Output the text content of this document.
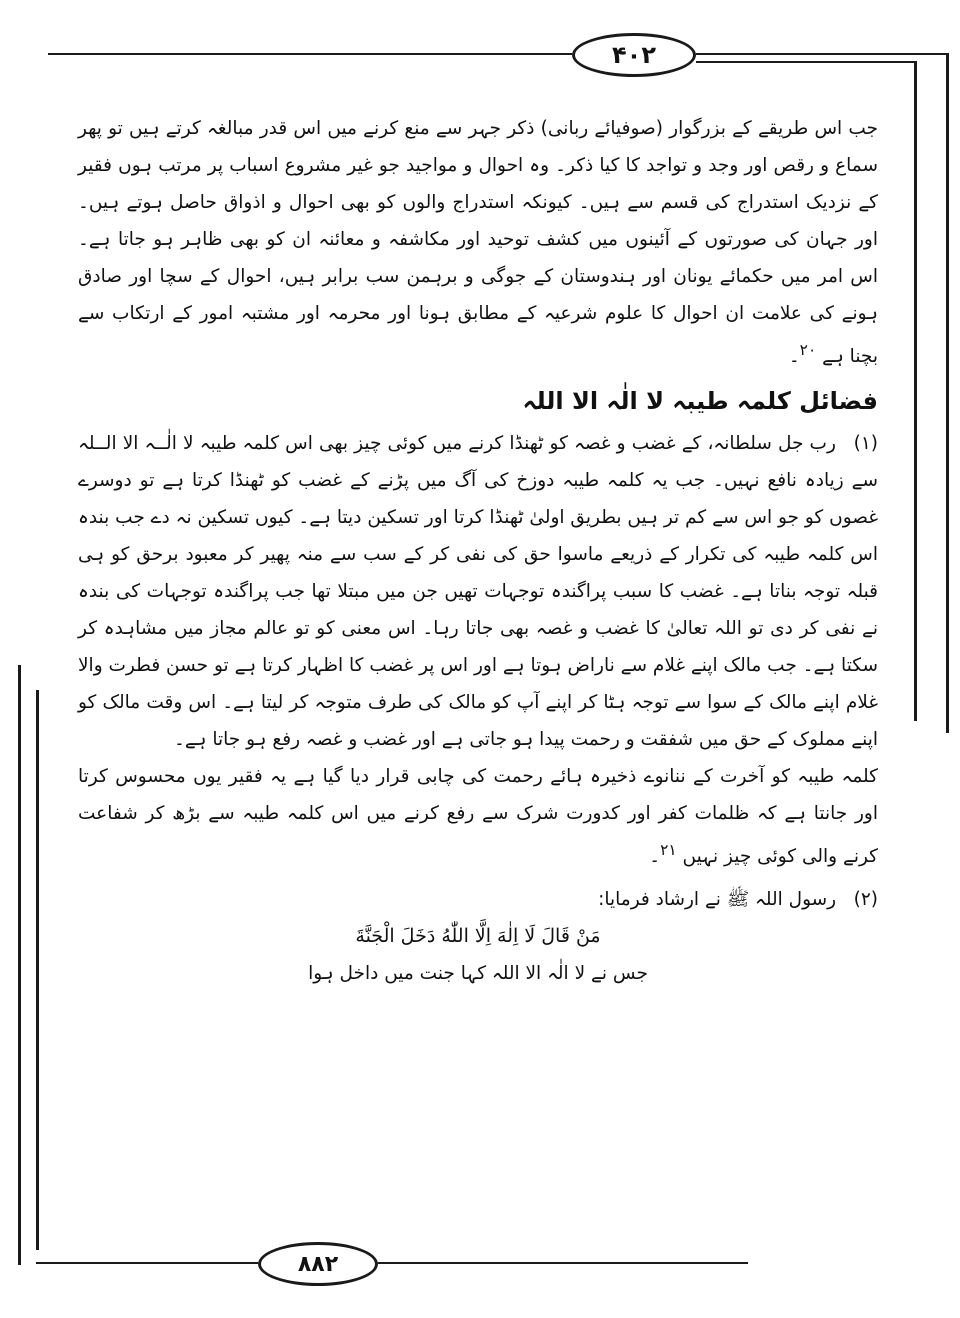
۴۰۲
۸۸۲

جب اس طریقے کے بزرگوار (صوفیائے ربانی) ذکر جہر سے منع کرنے میں اس قدر مبالغہ کرتے ہیں تو پھر سماع و رقص اور وجد و تواجد کا کیا ذکر۔ وہ احوال و مواجید جو غیر مشروع اسباب پر مرتب ہوں فقیر کے نزدیک استدراج کی قسم سے ہیں۔ کیونکہ استدراج والوں کو بھی احوال و اذواق حاصل ہوتے ہیں۔ اور جہان کی صورتوں کے آئینوں میں کشف توحید اور مکاشفہ و معائنہ ان کو بھی ظاہر ہو جاتا ہے۔ اس امر میں حکمائے یونان اور ہندوستان کے جوگی و برہمن سب برابر ہیں، احوال کے سچا اور صادق ہونے کی علامت ان احوال کا علوم شرعیہ کے مطابق ہونا اور محرمہ اور مشتبہ امور کے ارتکاب سے بچنا ہے $^{۲۰}$۔

فضائل کلمہ طیبہ لا الٰہ الا اللہ

(۱) رب جل سلطانہ، کے غضب و غصہ کو ٹھنڈا کرنے میں کوئی چیز بھی اس کلمہ طیبہ لا الٰــہ الا الــلہ سے زیادہ نافع نہیں۔ جب یہ کلمہ طیبہ دوزخ کی آگ میں پڑنے کے غضب کو ٹھنڈا کرتا ہے تو دوسرے غصوں کو جو اس سے کم تر ہیں بطریق اولیٰ ٹھنڈا کرتا اور تسکین دیتا ہے۔ کیوں تسکین نہ دے جب بندہ اس کلمہ طیبہ کی تکرار کے ذریعے ماسوا حق کی نفی کر کے سب سے منہ پھیر کر معبود برحق کو ہی قبلہ توجہ بناتا ہے۔ غضب کا سبب پراگندہ توجہات تھیں جن میں مبتلا تھا جب پراگندہ توجہات کی بندہ نے نفی کر دی تو اللہ تعالیٰ کا غضب و غصہ بھی جاتا رہا۔ اس معنی کو تو عالم مجاز میں مشاہدہ کر سکتا ہے۔ جب مالک اپنے غلام سے ناراض ہوتا ہے اور اس پر غضب کا اظہار کرتا ہے تو حسن فطرت والا غلام اپنے مالک کے سوا سے توجہ ہٹا کر اپنے آپ کو مالک کی طرف متوجہ کر لیتا ہے۔ اس وقت مالک کو اپنے مملوک کے حق میں شفقت و رحمت پیدا ہو جاتی ہے اور غضب و غصہ رفع ہو جاتا ہے۔

کلمہ طیبہ کو آخرت کے ننانوے ذخیرہ ہائے رحمت کی چابی قرار دیا گیا ہے یہ فقیر یوں محسوس کرتا اور جانتا ہے کہ ظلمات کفر اور کدورت شرک سے رفع کرنے میں اس کلمہ طیبہ سے بڑھ کر شفاعت کرنے والی کوئی چیز نہیں $^{۲۱}$۔

(۲) رسول اللہ ﷺ نے ارشاد فرمایا:

مَنْ قَالَ لَا اِلٰهَ اِلَّا اللّٰهُ دَخَلَ الْجَنَّةَ

جس نے لا الٰہ الا اللہ کہا جنت میں داخل ہوا
